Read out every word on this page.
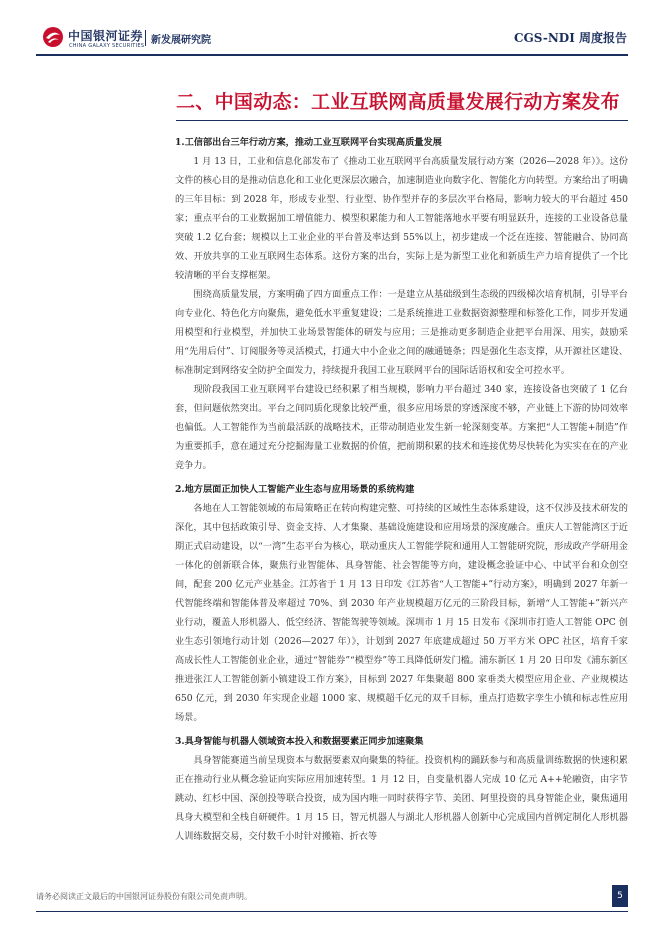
中国银河证券
CHINA GALAXY SECURITIES 新发展研究院	CGS-NDI 周度报告
二、中国动态：工业互联网高质量发展行动方案发布

1.工信部出台三年行动方案，推动工业互联网平台实现高质量发展

1 月 13 日，工业和信息化部发布了《推动工业互联网平台高质量发展行动方案（2026—2028 年）》。这份文件的核心目的是推动信息化和工业化更深层次融合，加速制造业向数字化、智能化方向转型。方案给出了明确的三年目标：到 2028 年，形成专业型、行业型、协作型并存的多层次平台格局，影响力较大的平台超过 450 家；重点平台的工业数据加工增值能力、模型积累能力和人工智能落地水平要有明显跃升，连接的工业设备总量突破 1.2 亿台套；规模以上工业企业的平台普及率达到 55%以上，初步建成一个泛在连接、智能融合、协同高效、开放共享的工业互联网生态体系。这份方案的出台，实际上是为新型工业化和新质生产力培育提供了一个比较清晰的平台支撑框架。

围绕高质量发展，方案明确了四方面重点工作：一是建立从基础级到生态级的四级梯次培育机制，引导平台向专业化、特色化方向聚焦，避免低水平重复建设；二是系统推进工业数据资源整理和标签化工作，同步开发通用模型和行业模型，并加快工业场景智能体的研发与应用；三是推动更多制造企业把平台用深、用实，鼓励采用“先用后付”、订阅服务等灵活模式，打通大中小企业之间的融通链条；四是强化生态支撑，从开源社区建设、标准制定到网络安全防护全面发力，持续提升我国工业互联网平台的国际话语权和安全可控水平。

现阶段我国工业互联网平台建设已经积累了相当规模，影响力平台超过 340 家，连接设备也突破了 1 亿台套，但问题依然突出。平台之间同质化现象比较严重，很多应用场景的穿透深度不够，产业链上下游的协同效率也偏低。人工智能作为当前最活跃的战略技术，正带动制造业发生新一轮深刻变革。方案把“人工智能+制造”作为重要抓手，意在通过充分挖掘海量工业数据的价值，把前期积累的技术和连接优势尽快转化为实实在在的产业竞争力。

2.地方层面正加快人工智能产业生态与应用场景的系统构建

各地在人工智能领域的布局策略正在转向构建完整、可持续的区域性生态体系建设，这不仅涉及技术研发的深化，其中包括政策引导、资金支持、人才集聚、基础设施建设和应用场景的深度融合。重庆人工智能湾区于近期正式启动建设，以“一湾”生态平台为核心，联动重庆人工智能学院和通用人工智能研究院，形成政产学研用金一体化的创新联合体，聚焦行业智能体、具身智能、社会智能等方向，建设概念验证中心、中试平台和众创空间，配套 200 亿元产业基金。江苏省于 1 月 13 日印发《江苏省“人工智能+”行动方案》，明确到 2027 年新一代智能终端和智能体普及率超过 70%、到 2030 年产业规模超万亿元的三阶段目标，新增“人工智能+”新兴产业行动，覆盖人形机器人、低空经济、智能驾驶等领域。深圳市 1 月 15 日发布《深圳市打造人工智能 OPC 创业生态引领地行动计划（2026—2027 年）》，计划到 2027 年底建成超过 50 万平方米 OPC 社区，培育千家高成长性人工智能创业企业，通过“智能券”“模型券”等工具降低研发门槛。浦东新区 1 月 20 日印发《浦东新区推进张江人工智能创新小镇建设工作方案》，目标到 2027 年集聚超 800 家垂类大模型应用企业、产业规模达 650 亿元，到 2030 年实现企业超 1000 家、规模超千亿元的双千目标，重点打造数字孪生小镇和标志性应用场景。

3.具身智能与机器人领域资本投入和数据要素正同步加速聚集

具身智能赛道当前呈现资本与数据要素双向聚集的特征。投资机构的踊跃参与和高质量训练数据的快速积累正在推动行业从概念验证向实际应用加速转型。1 月 12 日，自变量机器人完成 10 亿元 A++轮融资，由字节跳动、红杉中国、深创投等联合投资，成为国内唯一同时获得字节、美团、阿里投资的具身智能企业，聚焦通用具身大模型和全栈自研硬件。1 月 15 日，智元机器人与湖北人形机器人创新中心完成国内首例定制化人形机器人训练数据交易，交付数千小时针对搬箱、折衣等

请务必阅读正文最后的中国银河证券股份有限公司免责声明。	5
